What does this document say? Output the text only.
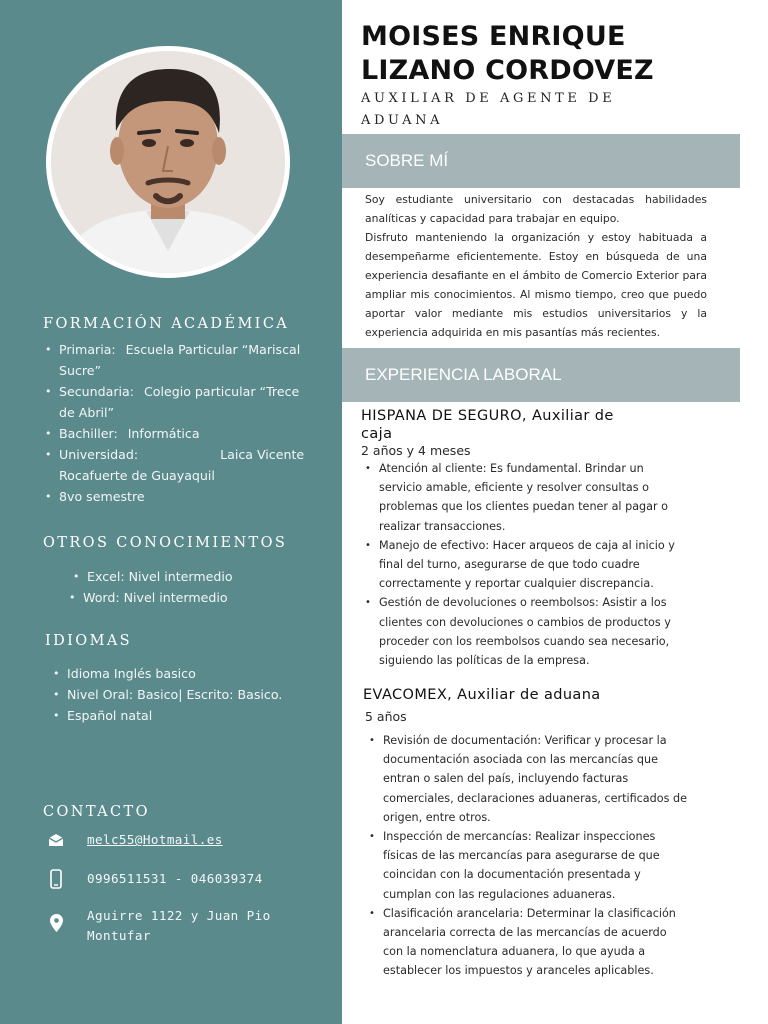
FORMACIÓN ACADÉMICA
• Primaria: Escuela Particular “Mariscal Sucre”
• Secundaria: Colegio particular “Trece de Abril”
• Bachiller: Informática
• Universidad:	Laica Vicente Rocafuerte de Guayaquil
• 8vo semestre
OTROS CONOCIMIENTOS
• Excel: Nivel intermedio
• Word: Nivel intermedio
IDIOMAS
• Idioma Inglés basico
• Nivel Oral: Basico| Escrito: Basico.
• Español natal
CONTACTO
melc55@Hotmail.es
0996511531 - 046039374
Aguirre 1122 y Juan Pio
Montufar
MOISES ENRIQUE
LIZANO CORDOVEZ
AUXILIAR DE AGENTE DE
ADUANA
SOBRE MÍ

Soy estudiante universitario con destacadas habilidades analíticas y capacidad para trabajar en equipo.

Disfruto manteniendo la organización y estoy habituada a desempeñarme eficientemente. Estoy en búsqueda de una experiencia desafiante en el ámbito de Comercio Exterior para ampliar mis conocimientos. Al mismo tiempo, creo que puedo aportar valor mediante mis estudios universitarios y la experiencia adquirida en mis pasantías más recientes.

EXPERIENCIA LABORAL
HISPANA DE SEGURO, Auxiliar de
caja
2 años y 4 meses
• Atención al cliente: Es fundamental. Brindar un servicio amable, eficiente y resolver consultas o problemas que los clientes puedan tener al pagar o realizar transacciones.
• Manejo de efectivo: Hacer arqueos de caja al inicio y final del turno, asegurarse de que todo cuadre correctamente y reportar cualquier discrepancia.
• Gestión de devoluciones o reembolsos: Asistir a los clientes con devoluciones o cambios de productos y proceder con los reembolsos cuando sea necesario, siguiendo las políticas de la empresa.
EVACOMEX, Auxiliar de aduana
5 años
• Revisión de documentación: Verificar y procesar la documentación asociada con las mercancías que entran o salen del país, incluyendo facturas comerciales, declaraciones aduaneras, certificados de origen, entre otros.
• Inspección de mercancías: Realizar inspecciones físicas de las mercancías para asegurarse de que coincidan con la documentación presentada y cumplan con las regulaciones aduaneras.
• Clasificación arancelaria: Determinar la clasificación arancelaria correcta de las mercancías de acuerdo con la nomenclatura aduanera, lo que ayuda a establecer los impuestos y aranceles aplicables.
